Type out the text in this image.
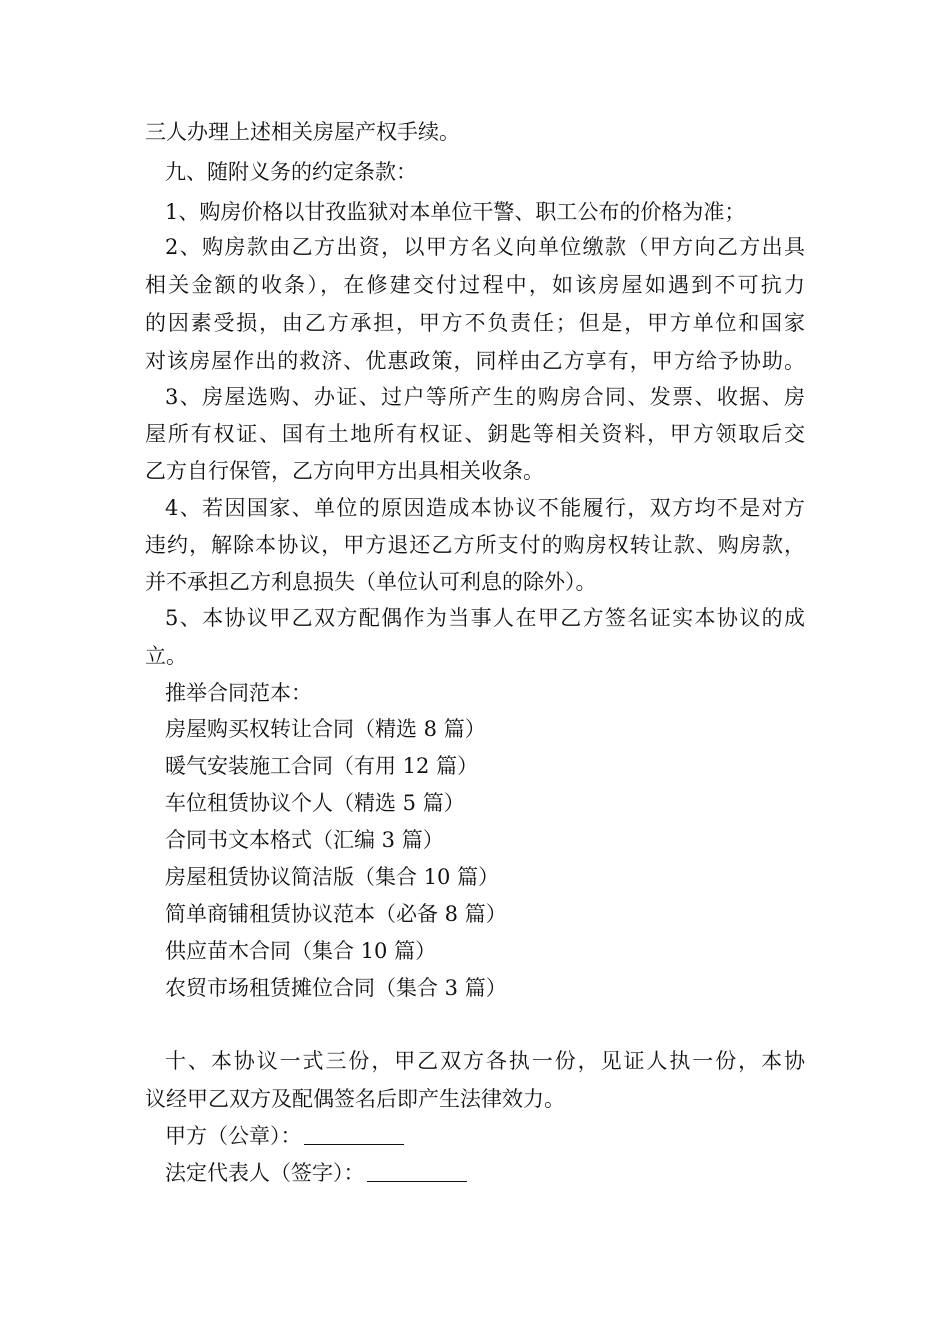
三人办理上述相关房屋产权手续。
九、随附义务的约定条款：
1、购房价格以甘孜监狱对本单位干警、职工公布的价格为准；
2、购房款由乙方出资，以甲方名义向单位缴款（甲方向乙方出具
相关金额的收条），在修建交付过程中，如该房屋如遇到不可抗力
的因素受损，由乙方承担，甲方不负责任；但是，甲方单位和国家
对该房屋作出的救济、优惠政策，同样由乙方享有，甲方给予协助。
3、房屋选购、办证、过户等所产生的购房合同、发票、收据、房
屋所有权证、国有土地所有权证、鈅匙等相关资料，甲方领取后交
乙方自行保管，乙方向甲方出具相关收条。
4、若因国家、单位的原因造成本协议不能履行，双方均不是对方
违约，解除本协议，甲方退还乙方所支付的购房权转让款、购房款，
并不承担乙方利息损失（单位认可利息的除外）。
5、本协议甲乙双方配偶作为当事人在甲乙方签名证实本协议的成
立。
推举合同范本：
房屋购买权转让合同（精选 8 篇）
暖气安装施工合同（有用 12 篇）
车位租赁协议个人（精选 5 篇）
合同书文本格式（汇编 3 篇）
房屋租赁协议简洁版（集合 10 篇）
简单商铺租赁协议范本（必备 8 篇）
供应苗木合同（集合 10 篇）
农贸市场租赁摊位合同（集合 3 篇）
十、本协议一式三份，甲乙双方各执一份，见证人执一份，本协
议经甲乙双方及配偶签名后即产生法律效力。
甲方（公章）：
法定代表人（签字）：
